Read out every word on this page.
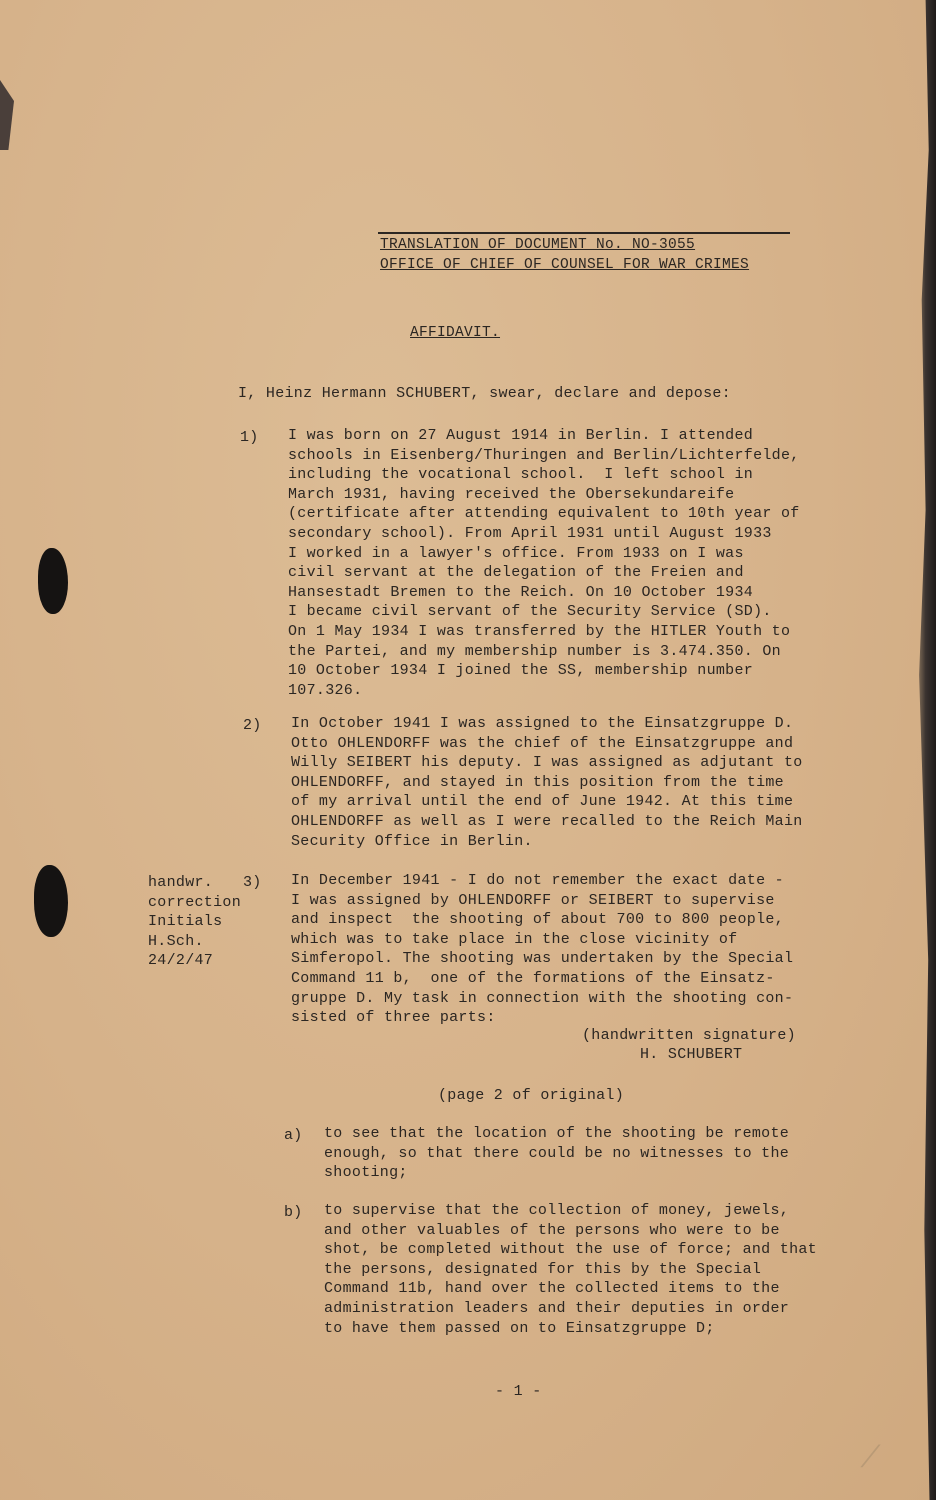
TRANSLATION OF DOCUMENT No. NO-3055
OFFICE OF CHIEF OF COUNSEL FOR WAR CRIMES
AFFIDAVIT.
I, Heinz Hermann SCHUBERT, swear, declare and depose:
1) I was born on 27 August 1914 in Berlin. I attended
schools in Eisenberg/Thuringen and Berlin/Lichterfelde,
including the vocational school.  I left school in
March 1931, having received the Obersekundareife
(certificate after attending equivalent to 10th year of
secondary school). From April 1931 until August 1933
I worked in a lawyer's office. From 1933 on I was
civil servant at the delegation of the Freien and
Hansestadt Bremen to the Reich. On 10 October 1934
I became civil servant of the Security Service (SD).
On 1 May 1934 I was transferred by the HITLER Youth to
the Partei, and my membership number is 3.474.350. On
10 October 1934 I joined the SS, membership number
107.326.
2) In October 1941 I was assigned to the Einsatzgruppe D.
Otto OHLENDORFF was the chief of the Einsatzgruppe and
Willy SEIBERT his deputy. I was assigned as adjutant to
OHLENDORFF, and stayed in this position from the time
of my arrival until the end of June 1942. At this time
OHLENDORFF as well as I were recalled to the Reich Main
Security Office in Berlin.
handwr.
correction
Initials
H.Sch.
24/2/47
3) In December 1941 - I do not remember the exact date -
I was assigned by OHLENDORFF or SEIBERT to supervise
and inspect  the shooting of about 700 to 800 people,
which was to take place in the close vicinity of
Simferopol. The shooting was undertaken by the Special
Command 11 b,  one of the formations of the Einsatz-
gruppe D. My task in connection with the shooting con-
sisted of three parts:
(handwritten signature)
H. SCHUBERT
(page 2 of original)
a) to see that the location of the shooting be remote
enough, so that there could be no witnesses to the
shooting;
b) to supervise that the collection of money, jewels,
and other valuables of the persons who were to be
shot, be completed without the use of force; and that
the persons, designated for this by the Special
Command 11b, hand over the collected items to the
administration leaders and their deputies in order
to have them passed on to Einsatzgruppe D;
- 1 -
⁄
